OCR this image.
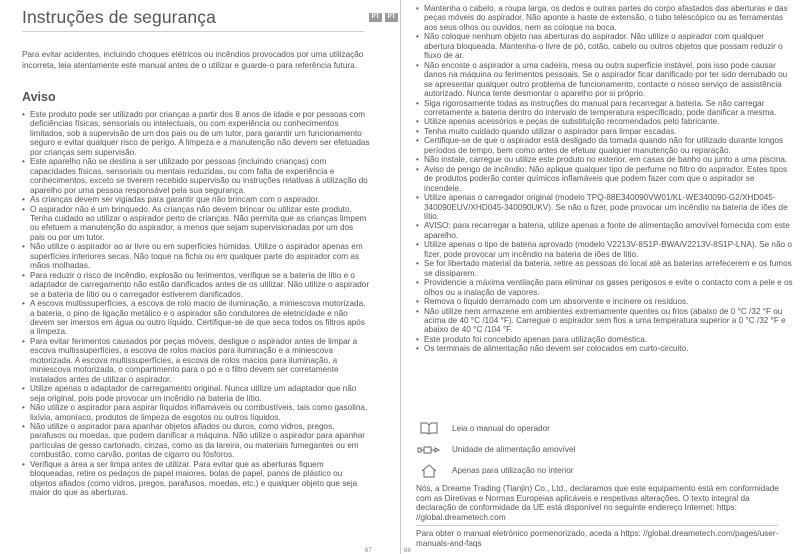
Instruções de segurança	PT	PT

Para evitar acidentes, incluindo choques elétricos ou incêndios provocados por uma utilização incorreta, leia atentamente este manual antes de o utilizar e guarde-o para referência futura.

Aviso
• Este produto pode ser utilizado por crianças a partir dos 8 anos de idade e por pessoas com deficiências físicas, sensoriais ou intelectuais, ou com experiência ou conhecimentos limitados, sob a supervisão de um dos pais ou de um tutor, para garantir um funcionamento seguro e evitar qualquer risco de perigo. A limpeza e a manutenção não devem ser efetuadas por crianças sem supervisão.
• Este aparelho não se destina a ser utilizado por pessoas (incluindo crianças) com capacidades físicas, sensoriais ou mentais reduzidas, ou com falta de experiência e conhecimentos, exceto se tiverem recebido supervisão ou instruções relativas à utilização do aparelho por uma pessoa responsável pela sua segurança.
• As crianças devem ser vigiadas para garantir que não brincam com o aspirador.
• O aspirador não é um brinquedo. As crianças não devem brincar ou utilizar este produto. Tenha cuidado ao utilizar o aspirador perto de crianças. Não permita que as crianças limpem ou efetuem a manutenção do aspirador, a menos que sejam supervisionadas por um dos pais ou por um tutor.
• Não utilize o aspirador ao ar livre ou em superfícies húmidas. Utilize o aspirador apenas em superfícies interiores secas. Não toque na ficha ou em qualquer parte do aspirador com as mãos molhadas.
• Para reduzir o risco de incêndio, explosão ou ferimentos, verifique se a bateria de lítio e o adaptador de carregamento não estão danificados antes de os utilizar. Não utilize o aspirador se a bateria de lítio ou o carregador estiverem danificados.
• A escova multissuperfícies, a escova de rolo macio de iluminação, a miniescova motorizada, a bateria, o pino de ligação metálico e o aspirador são condutores de eletricidade e não devem ser imersos em água ou outro líquido. Certifique-se de que seca todos os filtros após a limpeza.
• Para evitar ferimentos causados por peças móveis, desligue o aspirador antes de limpar a escova multissuperfícies, a escova de rolos macios para iluminação e a miniescova motorizada. A escova multissuperfícies, a escova de rolos macios para iluminação, a miniescova motorizada, o compartimento para o pó e o filtro devem ser corretamente instalados antes de utilizar o aspirador.
• Utilize apenas o adaptador de carregamento original. Nunca utilize um adaptador que não seja original, pois pode provocar um incêndio na bateria de lítio.
• Não utilize o aspirador para aspirar líquidos inflamáveis ou combustíveis, tais como gasolina, lixívia, amoníaco, produtos de limpeza de esgotos ou outros líquidos.
• Não utilize o aspirador para apanhar objetos afiados ou duros, como vidros, pregos, parafusos ou moedas, que podem danificar a máquina. Não utilize o aspirador para apanhar partículas de gesso cartonado, cinzas, como as da lareira, ou materiais fumegantes ou em combustão, como carvão, pontas de cigarro ou fósforos.
• Verifique a área a ser limpa antes de utilizar. Para evitar que as aberturas fiquem bloqueadas, retire os pedaços de papel maiores, bolas de papel, panos de plástico ou objetos afiados (como vidros, pregos, parafusos, moedas, etc.) e qualquer objeto que seja maior do que as aberturas.
67
• Mantenha o cabelo, a roupa larga, os dedos e outras partes do corpo afastados das aberturas e das peças móveis do aspirador. Não aponte a haste de extensão, o tubo telescópico ou as ferramentas aos seus olhos ou ouvidos, nem as coloque na boca.
• Não coloque nenhum objeto nas aberturas do aspirador. Não utilize o aspirador com qualquer abertura bloqueada. Mantenha-o livre de pó, cotão, cabelo ou outros objetos que possam reduzir o fluxo de ar.
• Não encoste o aspirador a uma cadeira, mesa ou outra superfície instável, pois isso pode causar danos na máquina ou ferimentos pessoais. Se o aspirador ficar danificado por ter sido derrubado ou se apresentar qualquer outro problema de funcionamento, contacte o nosso serviço de assistência autorizado. Nunca tente desmontar o aparelho por si próprio.
• Siga rigorosamente todas as instruções do manual para recarregar a bateria. Se não carregar corretamente a bateria dentro do intervalo de temperatura especificado, pode danificar a mesma.
• Utilize apenas acessórios e peças de substituição recomendados pelo fabricante.
• Tenha muito cuidado quando utilizar o aspirador para limpar escadas.
• Certifique-se de que o aspirador está desligado da tomada quando não for utilizado durante longos períodos de tempo, bem como antes de efetuar qualquer manutenção ou reparação.
• Não instale, carregue ou utilize este produto no exterior, em casas de banho ou junto a uma piscina.
• Aviso de perigo de incêndio: Não aplique qualquer tipo de perfume no filtro do aspirador. Estes tipos de produtos poderão conter químicos inflamáveis que podem fazer com que o aspirador se incendeie.
• Utilize apenas o carregador original (modelo TPQ-88E340090VW01/KL-WE340090-G2/XHD045-340090EUV/XHD045-340090UKV). Se não o fizer, pode provocar um incêndio na bateria de iões de lítio.
• AVISO: para recarregar a bateria, utilize apenas a fonte de alimentação amovível fornecida com este aparelho.
• Utilize apenas o tipo de bateria aprovado (modelo V2213V-8S1P-BWA/V2213V-8S1P-LNA). Se não o fizer, pode provocar um incêndio na bateria de iões de lítio.
• Se for libertado material da bateria, retire as pessoas do local até as baterias arrefecerem e os fumos se dissiparem.
• Providencie a máxima ventilação para eliminar os gases perigosos e evite o contacto com a pele e os olhos ou a inalação de vapores.
• Remova o líquido derramado com um absorvente e incinere os resíduos.
• Não utilize nem armazene em ambientes extremamente quentes ou frios (abaixo de 0 °C /32 °F ou acima de 40 °C /104 °F). Carregue o aspirador sem fios a uma temperatura superior a 0 °C /32 °F e abaixo de 40 °C /104 °F.
• Este produto foi concebido apenas para utilização doméstica.
• Os terminais de alimentação não devem ser colocados em curto-circuito.
Leia o manual do operador
Unidade de alimentação amovível
Apenas para utilização no interior

Nós, a Dreame Trading (Tianjin) Co., Ltd., declaramos que este equipamento está em conformidade com as Diretivas e Normas Europeias aplicáveis e respetivas alterações. O texto integral da declaração de conformidade da UE está disponível no seguinte endereço Internet: https: //global.dreametech.com

Para obter o manual eletrónico pormenorizado, aceda a https: //global.dreametech.com/pages/user-manuals-and-faqs

68
